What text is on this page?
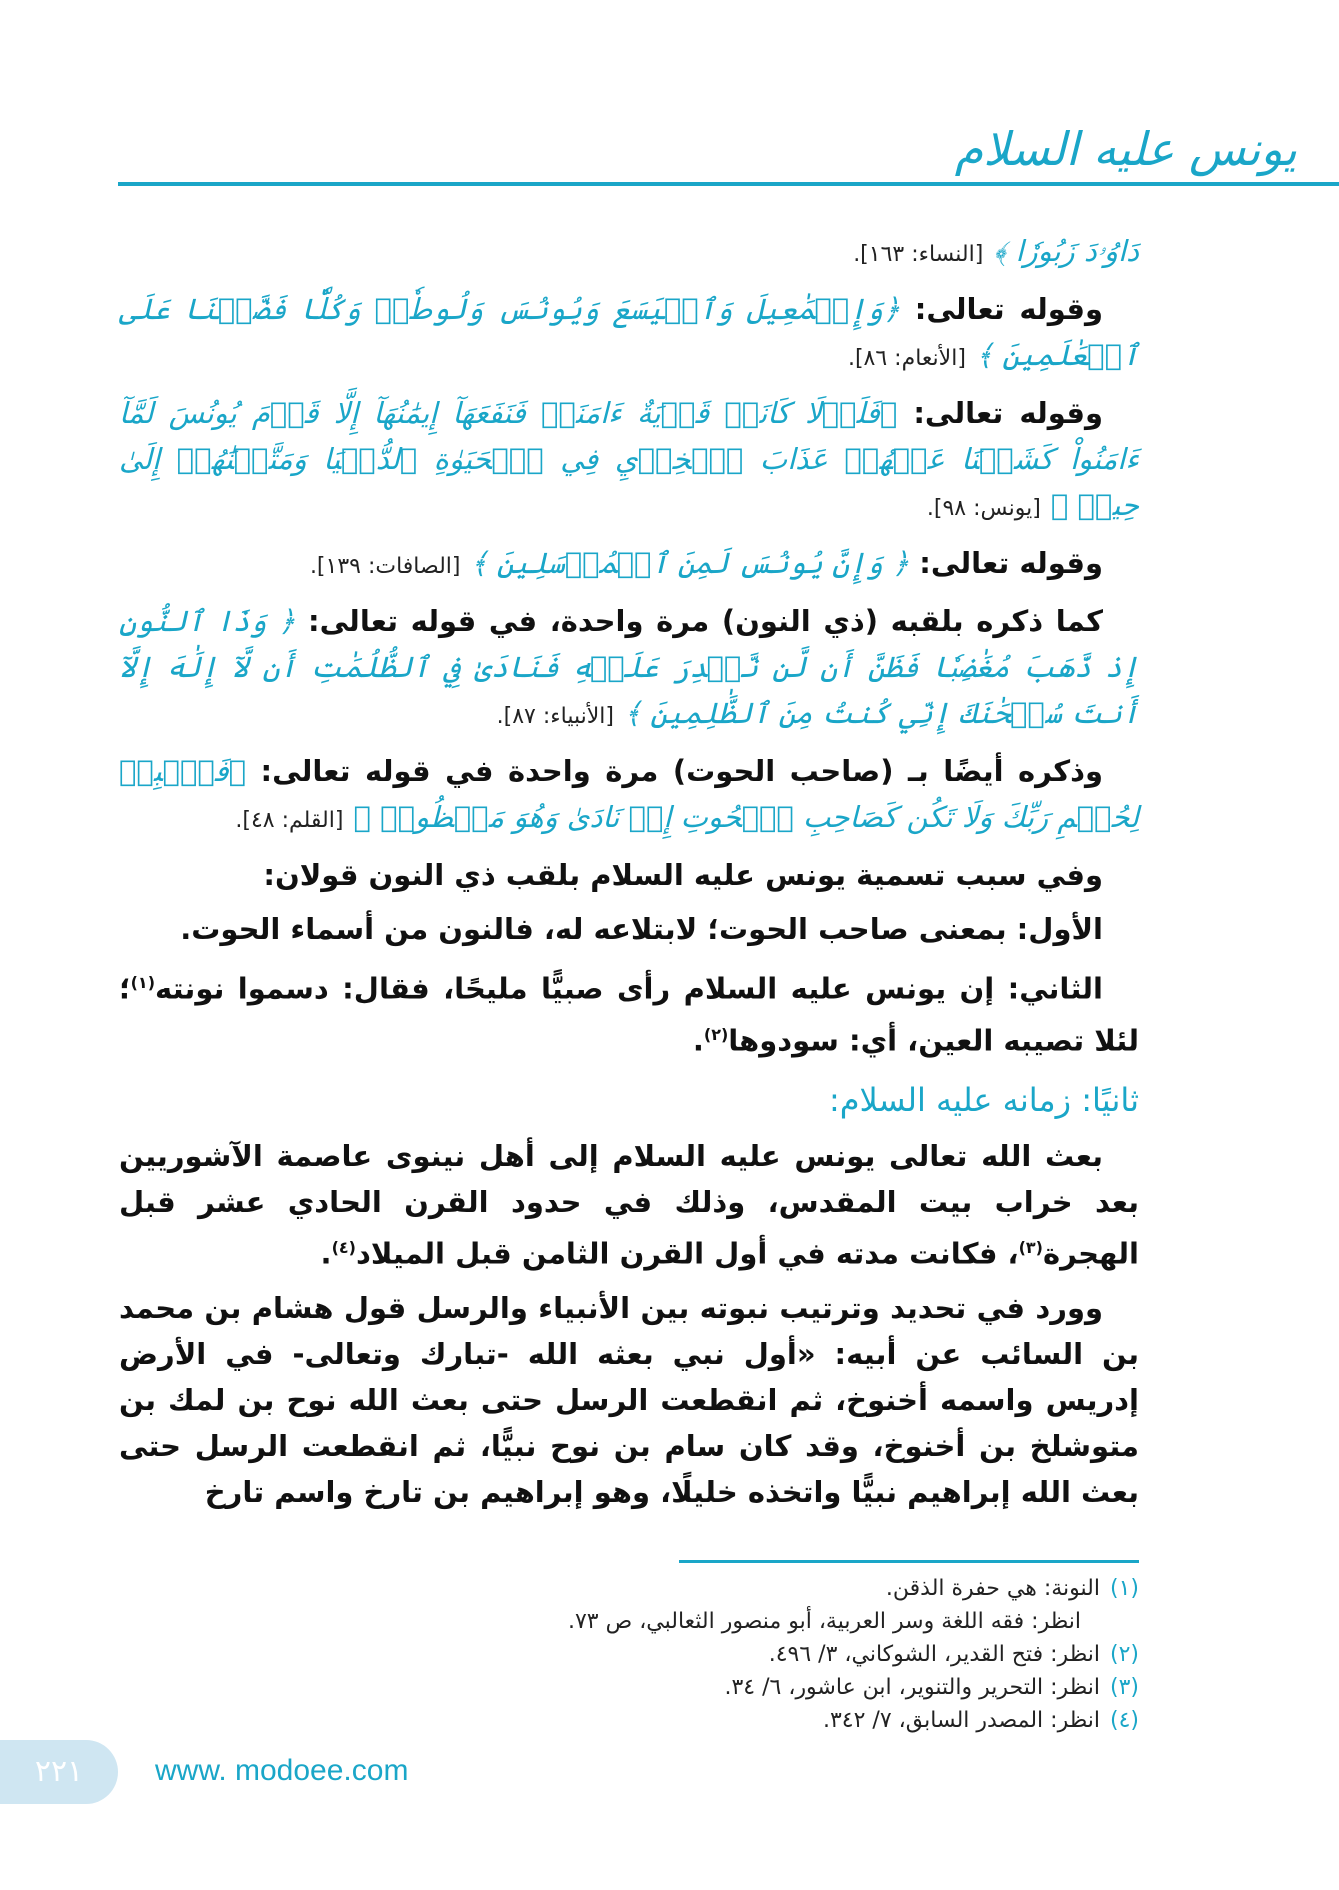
يونس عليه السلام

دَاوُۥدَ زَبُورٗا ﴾ [النساء: ١٦٣].

وقوله تعالى: ﴿وَإِسۡمَٰعِيلَ وَٱلۡيَسَعَ وَيُونُسَ وَلُوطٗاۚ وَكُلّٗا فَضَّلۡنَا عَلَى ٱلۡعَٰلَمِينَ ﴾ [الأنعام: ٨٦].

وقوله تعالى: ﴿فَلَوۡلَا كَانَتۡ قَرۡيَةٌ ءَامَنَتۡ فَنَفَعَهَآ إِيمَٰنُهَآ إِلَّا قَوۡمَ يُونُسَ لَمَّآ ءَامَنُواْ كَشَفۡنَا عَنۡهُمۡ عَذَابَ ٱلۡخِزۡيِ فِي ٱلۡحَيَوٰةِ ٱلدُّنۡيَا وَمَتَّعۡنَٰهُمۡ إِلَىٰ حِينٖ ﴾ [يونس: ٩٨].

وقوله تعالى: ﴿ وَإِنَّ يُونُسَ لَمِنَ ٱلۡمُرۡسَلِينَ ﴾ [الصافات: ١٣٩].

كما ذكره بلقبه (ذي النون) مرة واحدة، في قوله تعالى: ﴿ وَذَا ٱلنُّونِ إِذ ذَّهَبَ مُغَٰضِبٗا فَظَنَّ أَن لَّن نَّقۡدِرَ عَلَيۡهِ فَنَادَىٰ فِي ٱلظُّلُمَٰتِ أَن لَّآ إِلَٰهَ إِلَّآ أَنتَ سُبۡحَٰنَكَ إِنِّي كُنتُ مِنَ ٱلظَّٰلِمِينَ ﴾ [الأنبياء: ٨٧].

وذكره أيضًا بـ (صاحب الحوت) مرة واحدة في قوله تعالى: ﴿فَٱصۡبِرۡ لِحُكۡمِ رَبِّكَ وَلَا تَكُن كَصَاحِبِ ٱلۡحُوتِ إِذۡ نَادَىٰ وَهُوَ مَكۡظُومٞ ﴾ [القلم: ٤٨].

وفي سبب تسمية يونس عليه السلام بلقب ذي النون قولان:

الأول: بمعنى صاحب الحوت؛ لابتلاعه له، فالنون من أسماء الحوت.

الثاني: إن يونس عليه السلام رأى صبيًّا مليحًا، فقال: دسموا نونته$^{(١)}$؛ لئلا تصيبه العين، أي: سودوها$^{(٢)}$.

ثانيًا: زمانه عليه السلام:

بعث الله تعالى يونس عليه السلام إلى أهل نينوى عاصمة الآشوريين بعد خراب بيت المقدس، وذلك في حدود القرن الحادي عشر قبل الهجرة$^{(٣)}$، فكانت مدته في أول القرن الثامن قبل الميلاد$^{(٤)}$.

وورد في تحديد وترتيب نبوته بين الأنبياء والرسل قول هشام بن محمد بن السائب عن أبيه: «أول نبي بعثه الله -تبارك وتعالى- في الأرض إدريس واسمه أخنوخ، ثم انقطعت الرسل حتى بعث الله نوح بن لمك بن متوشلخ بن أخنوخ، وقد كان سام بن نوح نبيًّا، ثم انقطعت الرسل حتى بعث الله إبراهيم نبيًّا واتخذه خليلًا، وهو إبراهيم بن تارخ واسم تارخ

(١)النونة: هي حفرة الذقن.

انظر: فقه اللغة وسر العربية، أبو منصور الثعالبي، ص ٧٣.

(٢)انظر: فتح القدير، الشوكاني، ٣/ ٤٩٦.

(٣)انظر: التحرير والتنوير، ابن عاشور، ٦/ ٣٤.

(٤)انظر: المصدر السابق، ٧/ ٣٤٢.

٢٢١	www. modoee.com
